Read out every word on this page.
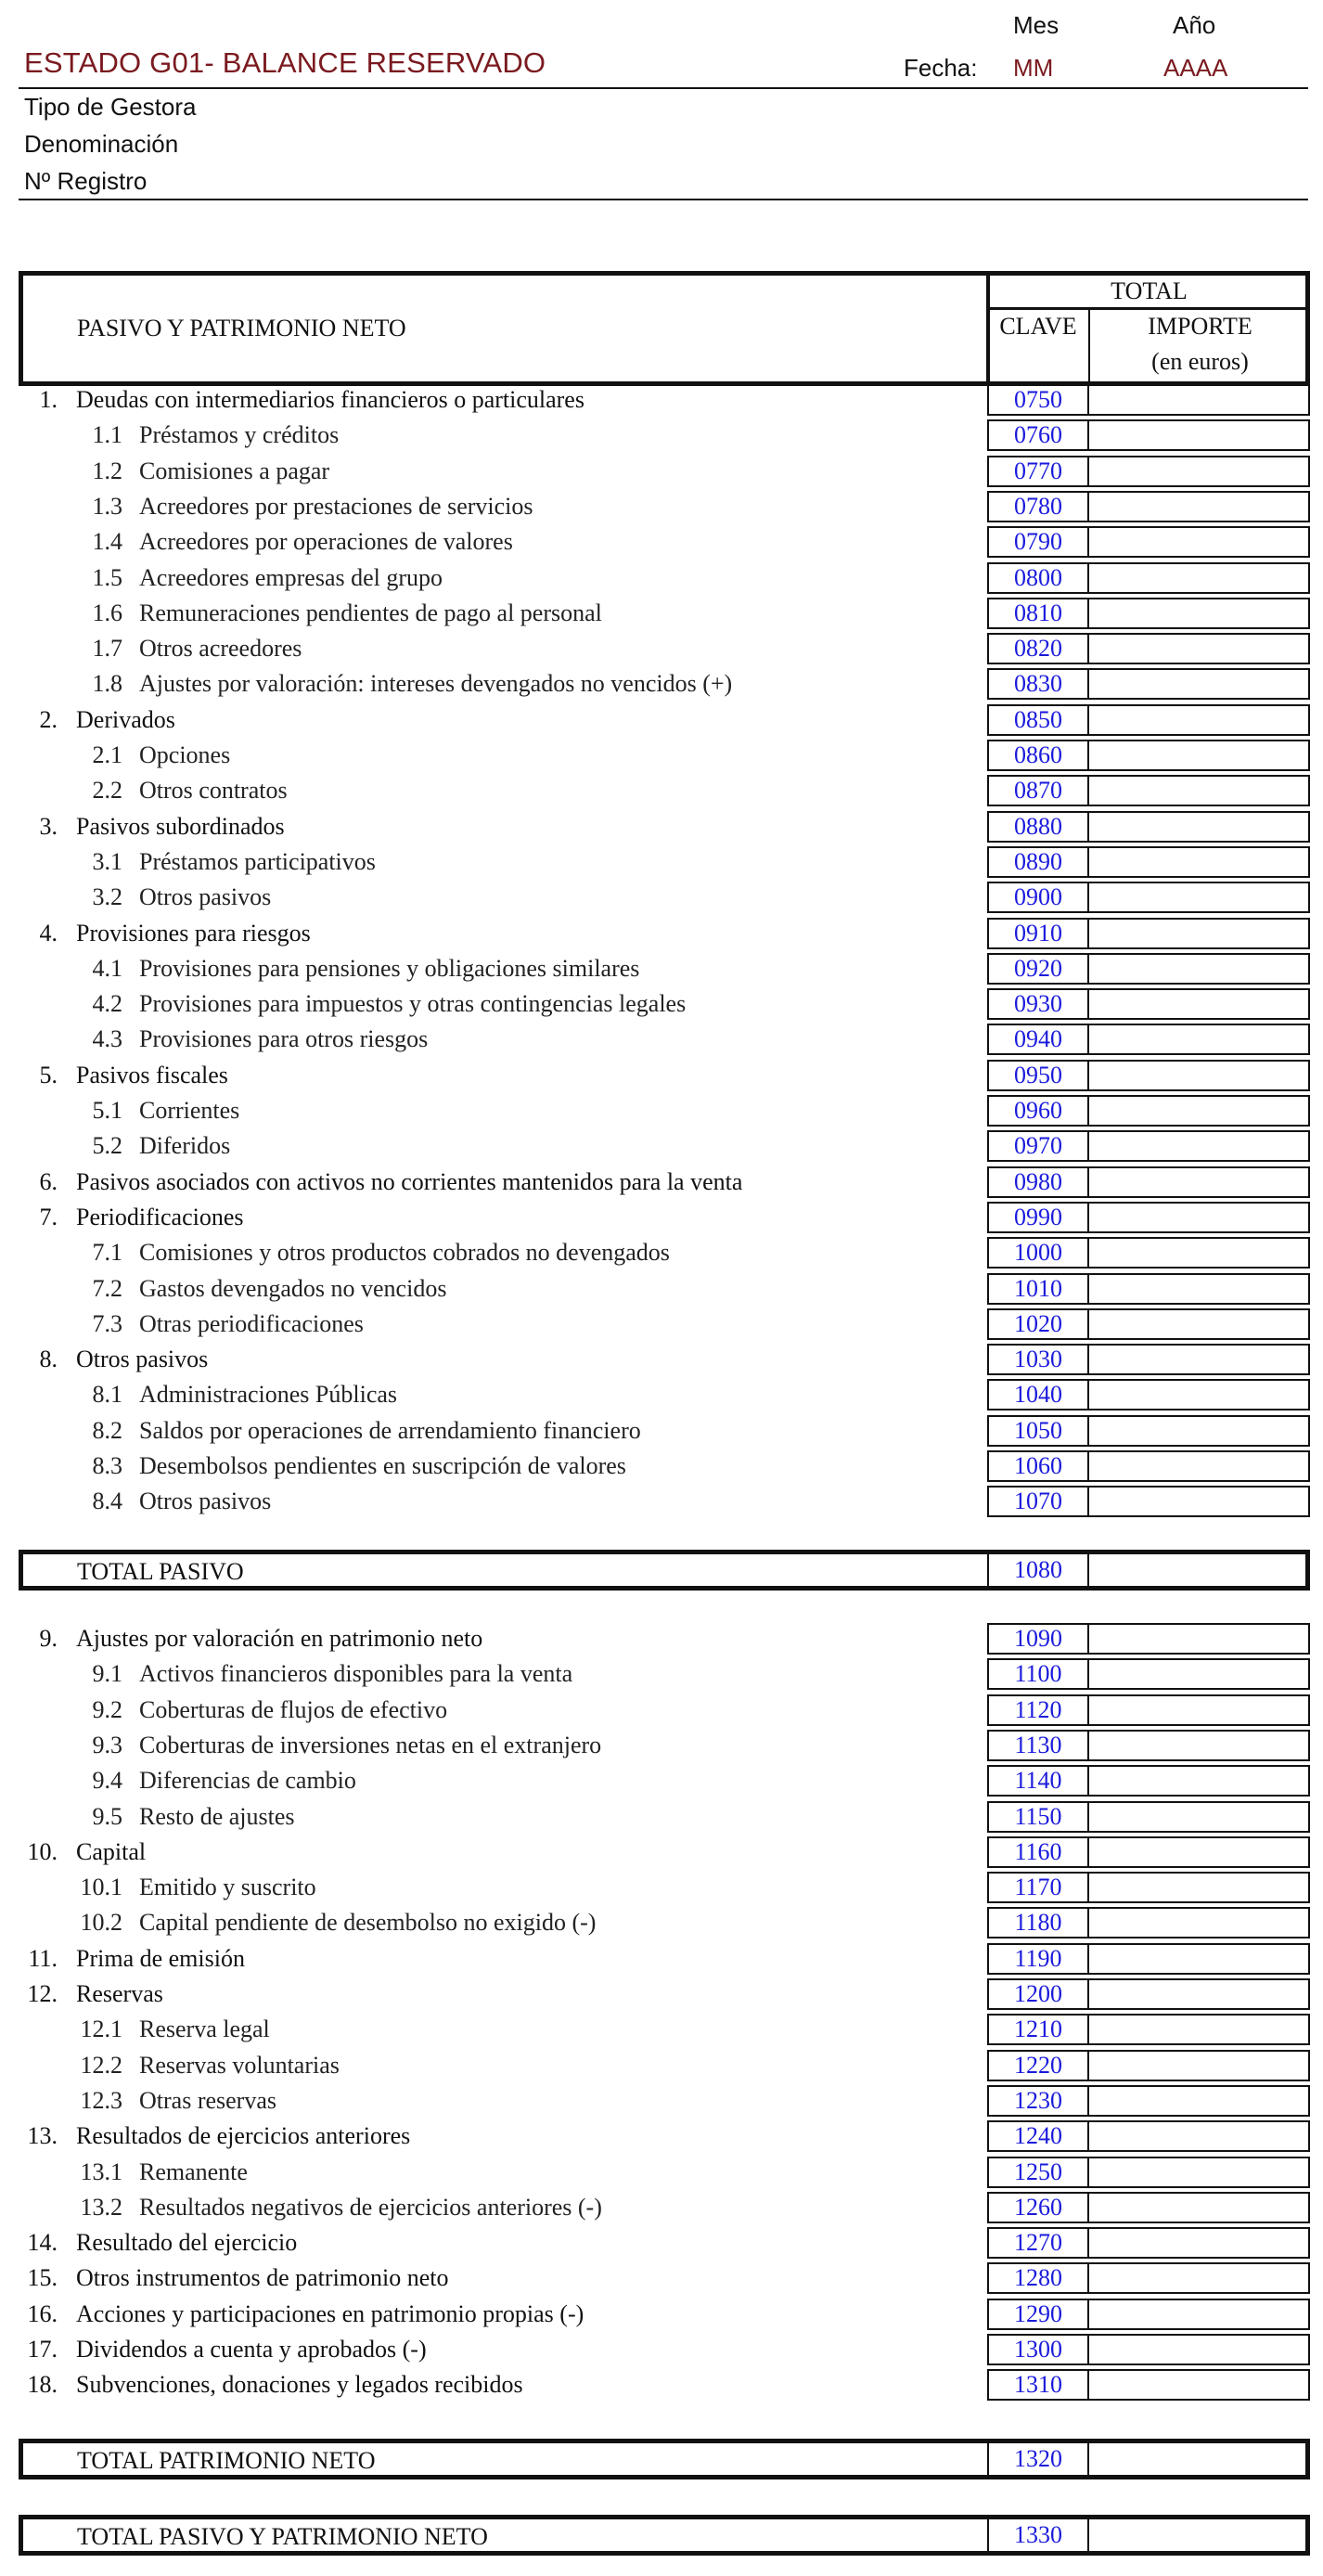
Mes	Año
ESTADO G01- BALANCE RESERVADO	Fecha: MM	AAAA
Tipo de Gestora
Denominación
Nº Registro
PASIVO Y PATRIMONIO NETO
TOTAL
CLAVE	IMPORTE
(en euros)
1. Deudas con intermediarios financieros o particulares	0750
1.1 Préstamos y créditos	0760
1.2 Comisiones a pagar	0770
1.3 Acreedores por prestaciones de servicios	0780
1.4 Acreedores por operaciones de valores	0790
1.5 Acreedores empresas del grupo	0800
1.6 Remuneraciones pendientes de pago al personal	0810
1.7 Otros acreedores	0820
1.8 Ajustes por valoración: intereses devengados no vencidos (+)	0830
2. Derivados	0850
2.1 Opciones	0860
2.2 Otros contratos	0870
3. Pasivos subordinados	0880
3.1 Préstamos participativos	0890
3.2 Otros pasivos	0900
4. Provisiones para riesgos	0910
4.1 Provisiones para pensiones y obligaciones similares	0920
4.2 Provisiones para impuestos y otras contingencias legales	0930
4.3 Provisiones para otros riesgos	0940
5. Pasivos fiscales	0950
5.1 Corrientes	0960
5.2 Diferidos	0970
6. Pasivos asociados con activos no corrientes mantenidos para la venta	0980
7. Periodificaciones	0990
7.1 Comisiones y otros productos cobrados no devengados	1000
7.2 Gastos devengados no vencidos	1010
7.3 Otras periodificaciones	1020
8. Otros pasivos	1030
8.1 Administraciones Públicas	1040
8.2 Saldos por operaciones de arrendamiento financiero	1050
8.3 Desembolsos pendientes en suscripción de valores	1060
8.4 Otros pasivos	1070
TOTAL PASIVO	1080
9. Ajustes por valoración en patrimonio neto	1090
9.1 Activos financieros disponibles para la venta	1100
9.2 Coberturas de flujos de efectivo	1120
9.3 Coberturas de inversiones netas en el extranjero	1130
9.4 Diferencias de cambio	1140
9.5 Resto de ajustes	1150
10. Capital	1160
10.1 Emitido y suscrito	1170
10.2 Capital pendiente de desembolso no exigido (-)	1180
11. Prima de emisión	1190
12. Reservas	1200
12.1 Reserva legal	1210
12.2 Reservas voluntarias	1220
12.3 Otras reservas	1230
13. Resultados de ejercicios anteriores	1240
13.1 Remanente	1250
13.2 Resultados negativos de ejercicios anteriores (-)	1260
14. Resultado del ejercicio	1270
15. Otros instrumentos de patrimonio neto	1280
16. Acciones y participaciones en patrimonio propias (-)	1290
17. Dividendos a cuenta y aprobados (-)	1300
18. Subvenciones, donaciones y legados recibidos	1310
TOTAL PATRIMONIO NETO	1320
TOTAL PASIVO Y PATRIMONIO NETO	1330
